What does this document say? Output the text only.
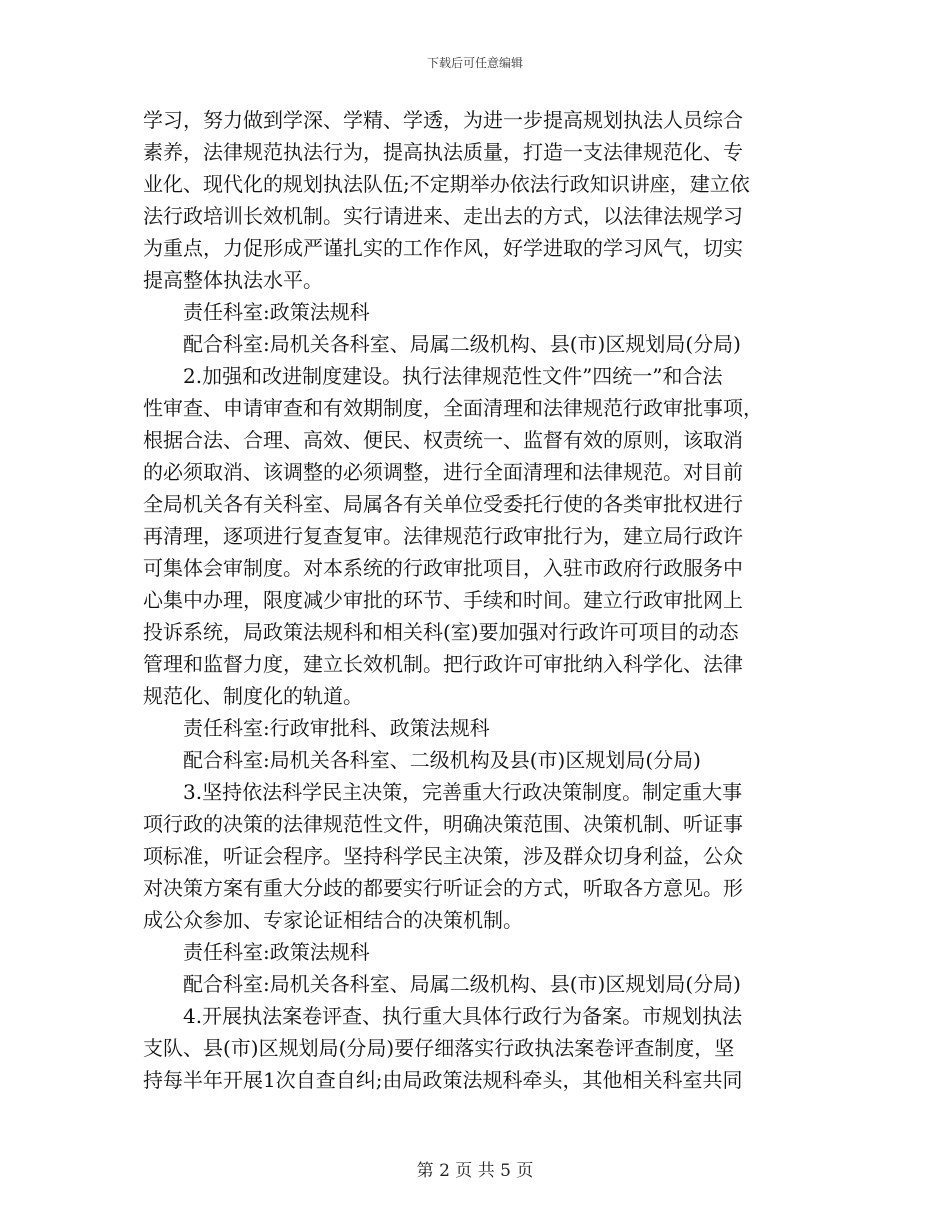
下载后可任意编辑
学习，努力做到学深、学精、学透，为进一步提高规划执法人员综合
素养，法律规范执法行为，提高执法质量，打造一支法律规范化、专
业化、现代化的规划执法队伍;不定期举办依法行政知识讲座，建立依
法行政培训长效机制。实行请进来、走出去的方式，以法律法规学习
为重点，力促形成严谨扎实的工作作风，好学进取的学习风气，切实
提高整体执法水平。
责任科室:政策法规科
配合科室:局机关各科室、局属二级机构、县(市)区规划局(分局)
2.加强和改进制度建设。执行法律规范性文件”四统一”和合法
性审查、申请审查和有效期制度，全面清理和法律规范行政审批事项，
根据合法、合理、高效、便民、权责统一、监督有效的原则，该取消
的必须取消、该调整的必须调整，进行全面清理和法律规范。对目前
全局机关各有关科室、局属各有关单位受委托行使的各类审批权进行
再清理，逐项进行复查复审。法律规范行政审批行为，建立局行政许
可集体会审制度。对本系统的行政审批项目，入驻市政府行政服务中
心集中办理，限度减少审批的环节、手续和时间。建立行政审批网上
投诉系统，局政策法规科和相关科(室)要加强对行政许可项目的动态
管理和监督力度，建立长效机制。把行政许可审批纳入科学化、法律
规范化、制度化的轨道。
责任科室:行政审批科、政策法规科
配合科室:局机关各科室、二级机构及县(市)区规划局(分局)
3.坚持依法科学民主决策，完善重大行政决策制度。制定重大事
项行政的决策的法律规范性文件，明确决策范围、决策机制、听证事
项标准，听证会程序。坚持科学民主决策，涉及群众切身利益，公众
对决策方案有重大分歧的都要实行听证会的方式，听取各方意见。形
成公众参加、专家论证相结合的决策机制。
责任科室:政策法规科
配合科室:局机关各科室、局属二级机构、县(市)区规划局(分局)
4.开展执法案卷评查、执行重大具体行政行为备案。市规划执法
支队、县(市)区规划局(分局)要仔细落实行政执法案卷评查制度，坚
持每半年开展1次自查自纠;由局政策法规科牵头，其他相关科室共同
第 2 页 共 5 页
